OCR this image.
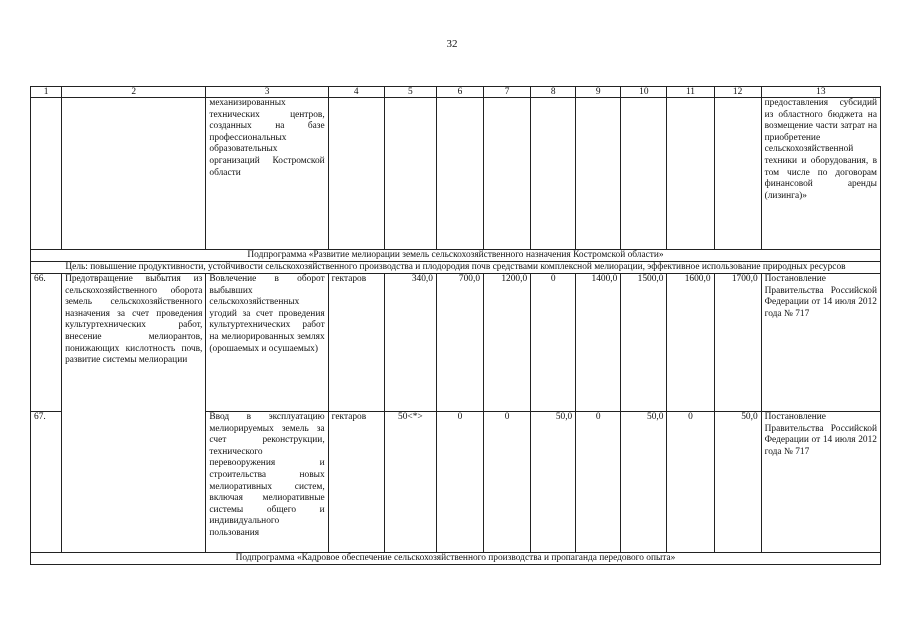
32
1	2	3	4	5	6	7	8	9	10	11	12	13
		механизированных технических центров, созданных на базе профессиональных образовательных организаций Костромской области										предоставления субсидий из областного бюджета на возмещение части затрат на приобретение сельскохозяйственной техники и оборудования, в том числе по договорам финансовой аренды (лизинга)»
Подпрограмма «Развитие мелиорации земель сельскохозяйственного назначения Костромской области»												
Цель: повышение продуктивности, устойчивости сельскохозяйственного производства и плодородия почв средствами комплексной мелиорации, эффективное использование природных ресурсов												
66.	Предотвращение выбытия из сельскохозяйственного оборота земель сельскохозяйственного назначения за счет проведения культуртехнических работ, внесение мелиорантов, понижающих кислотность почв, развитие системы мелиорации	Вовлечение в оборот выбывших сельскохозяйственных угодий за счет проведения культуртехнических работ на мелиорированных землях (орошаемых и осушаемых)	гектаров	340,0	700,0	1200,0	0	1400,0	1500,0	1600,0	1700,0	Постановление Правительства Российской Федерации от 14 июля 2012 года № 717
67.		Ввод в эксплуатацию мелиорируемых земель за счет реконструкции, технического перевооружения и строительства новых мелиоративных систем, включая мелиоративные системы общего и индивидуального пользования	гектаров	50<*>	0	0	50,0	0	50,0	0	50,0	Постановление Правительства Российской Федерации от 14 июля 2012 года № 717
Подпрограмма «Кадровое обеспечение сельскохозяйственного производства и пропаганда передового опыта»												
